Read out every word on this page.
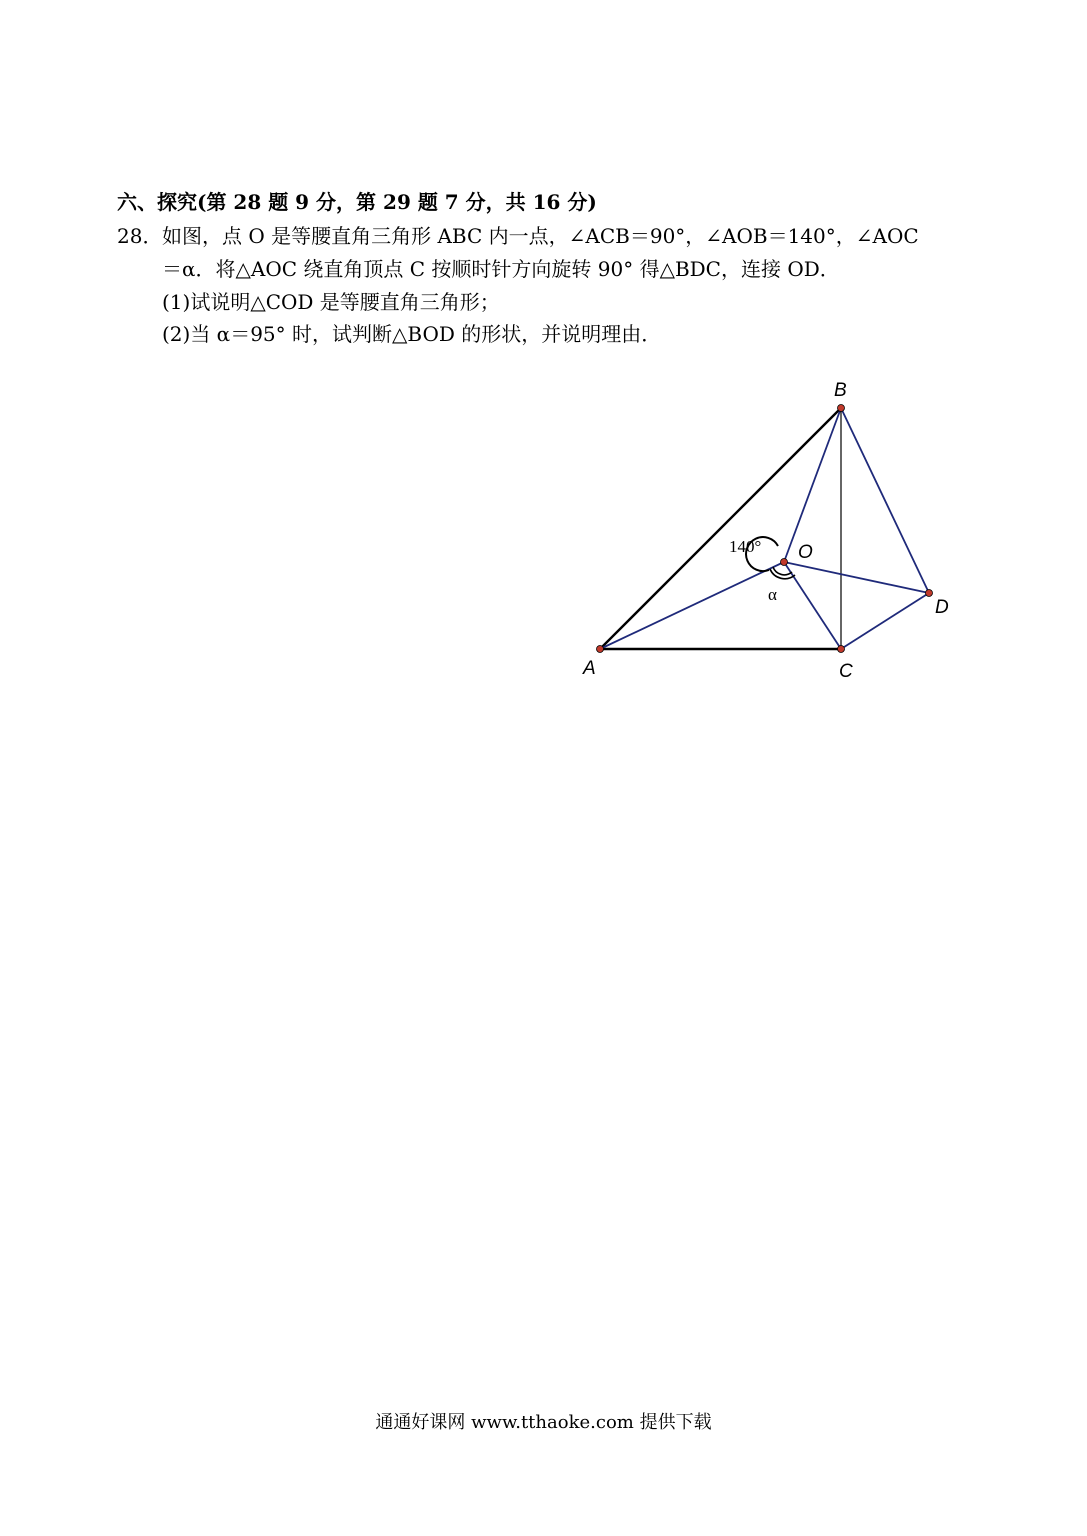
六、探究(第 28 题 9 分，第 29 题 7 分，共 16 分)
28． 如图，点 O 是等腰直角三角形 ABC 内一点，∠ACB＝90°，∠AOB＝140°，∠AOC
＝α．将△AOC 绕直角顶点 C 按顺时针方向旋转 90° 得△BDC，连接 OD．
(1)试说明△COD 是等腰直角三角形；
(2)当 α＝95° 时，试判断△BOD 的形状，并说明理由．
A
B
C
D
O
140°
α
通通好课网 www.tthaoke.com 提供下载
